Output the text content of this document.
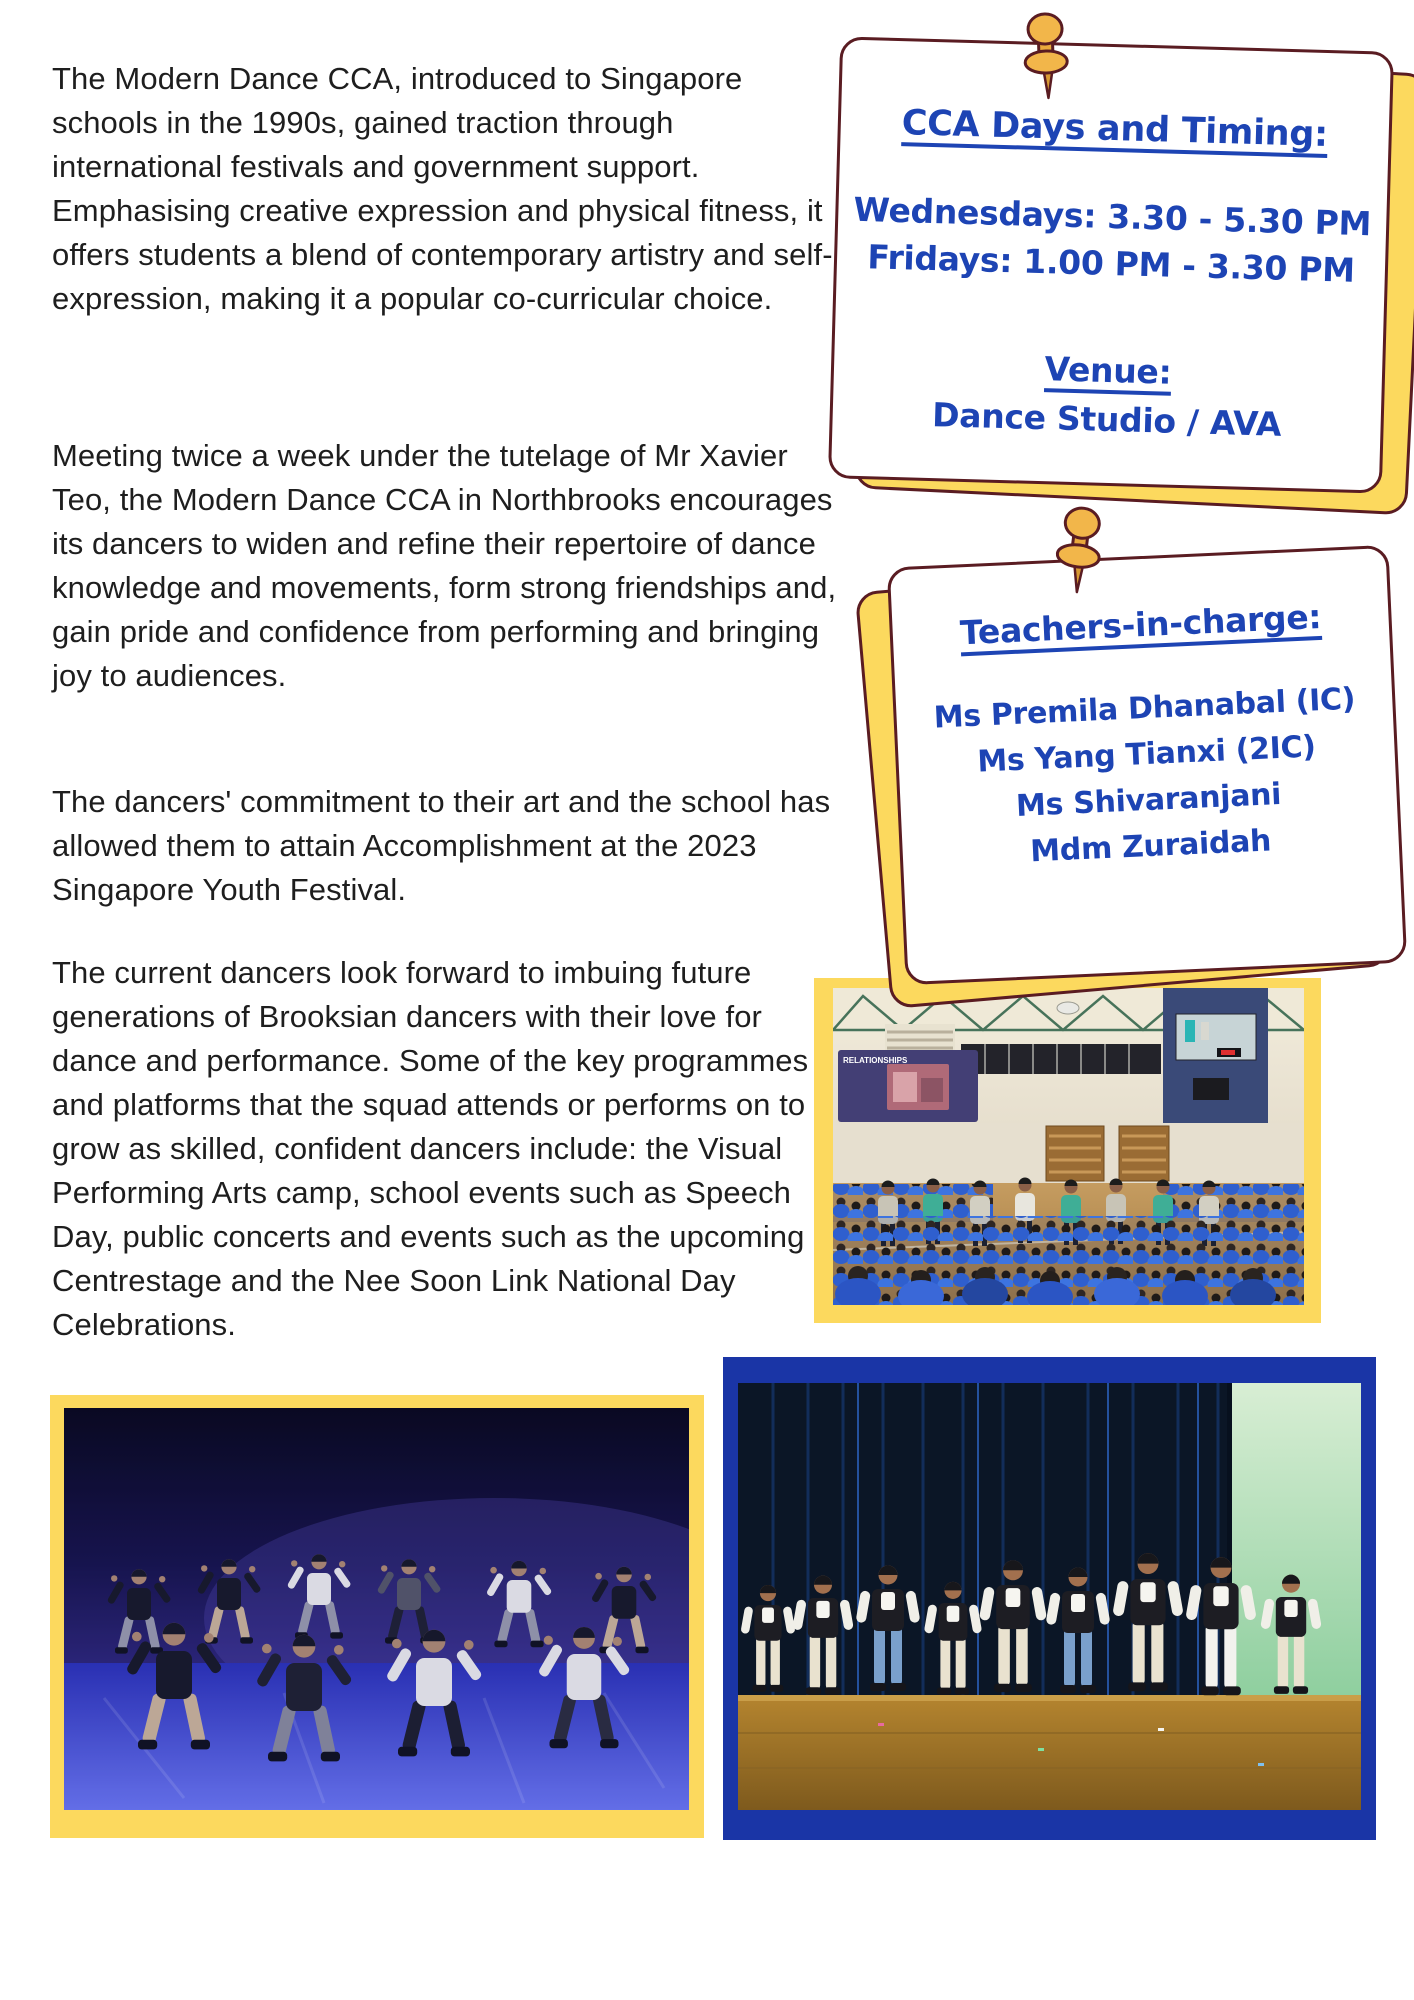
The Modern Dance CCA, introduced to Singapore schools in the 1990s, gained traction through international festivals and government support. Emphasising creative expression and physical fitness, it offers students a blend of contemporary artistry and self-expression, making it a popular co-curricular choice.

Meeting twice a week under the tutelage of Mr Xavier Teo, the Modern Dance CCA in Northbrooks encourages its dancers to widen and refine their repertoire of dance knowledge and movements, form strong friendships and, gain pride and confidence from performing and bringing joy to audiences.

The dancers' commitment to their art and the school has allowed them to attain Accomplishment at the 2023 Singapore Youth Festival.

The current dancers look forward to imbuing future generations of Brooksian dancers with their love for dance and performance. Some of the key programmes and platforms that the squad attends or performs on to grow as skilled, confident dancers include: the Visual Performing Arts camp, school events such as Speech Day, public concerts and events such as the upcoming Centrestage and the Nee Soon Link National Day Celebrations.

CCA Days and Timing:

Wednesdays: 3.30 - 5.30 PM

Fridays: 1.00 PM - 3.30 PM

Venue:
Dance Studio / AVA
Teachers-in-charge:

Ms Premila Dhanabal (IC)

Ms Yang Tianxi (2IC)

Ms Shivaranjani

Mdm Zuraidah

RELATIONSHIPS
